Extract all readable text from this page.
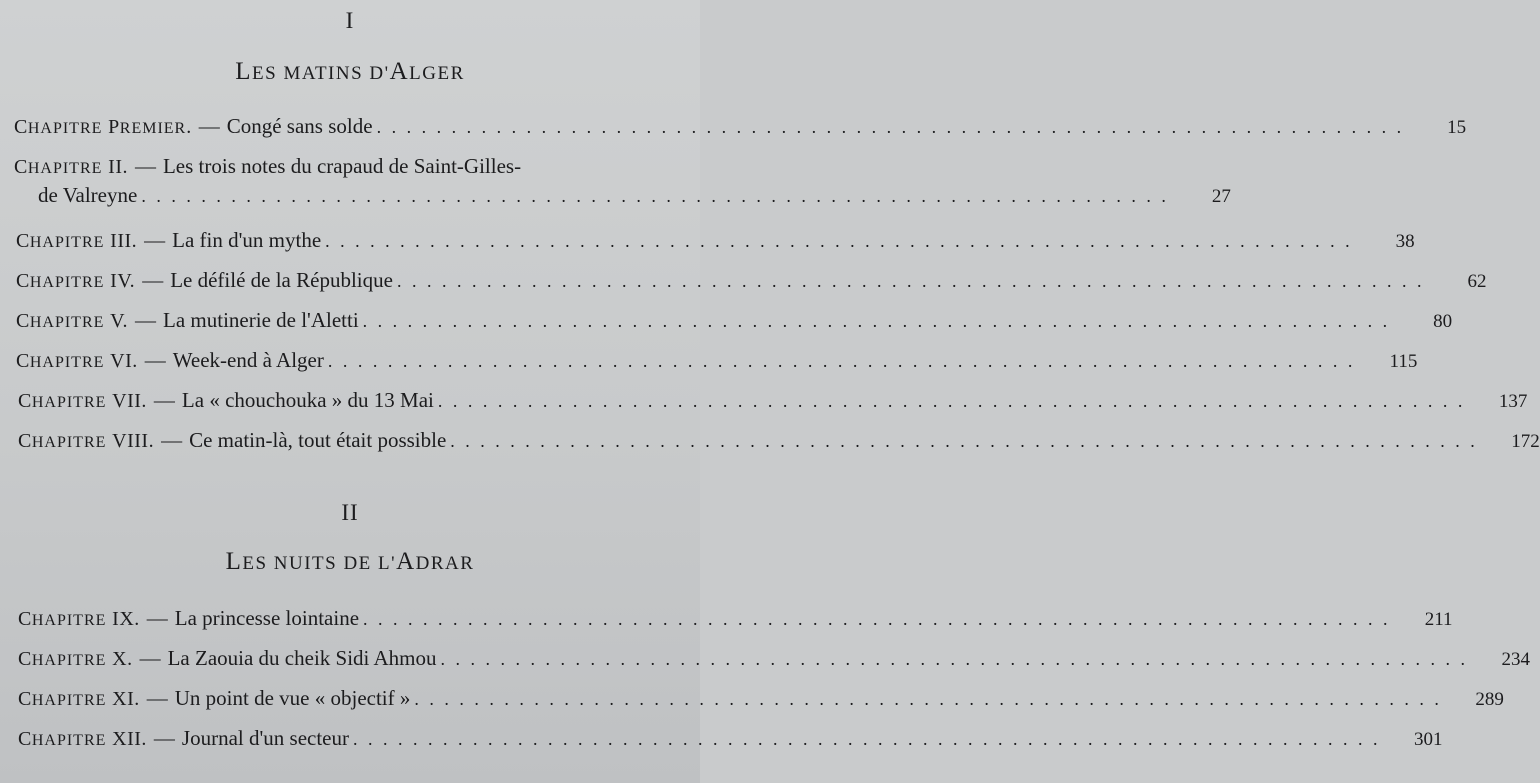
I
LES MATINS D'ALGER
CHAPITRE PREMIER. — Congé sans solde . . .	15
CHAPITRE II. — Les trois notes du crapaud de Saint-Gilles-
de Valreyne . . .	27
CHAPITRE III. — La fin d'un mythe . . .	38
CHAPITRE IV. — Le défilé de la République . . .	62
CHAPITRE V. — La mutinerie de l'Aletti . . .	80
CHAPITRE VI. — Week-end à Alger . . .	115
CHAPITRE VII. — La « chouchouka » du 13 Mai . . .	137
CHAPITRE VIII. — Ce matin-là, tout était possible . . .	172
II
LES NUITS DE L'ADRAR
CHAPITRE IX. — La princesse lointaine . . .	211
CHAPITRE X. — La Zaouia du cheik Sidi Ahmou . . .	234
CHAPITRE XI. — Un point de vue « objectif » . . .	289
CHAPITRE XII. — Journal d'un secteur . . .	301
